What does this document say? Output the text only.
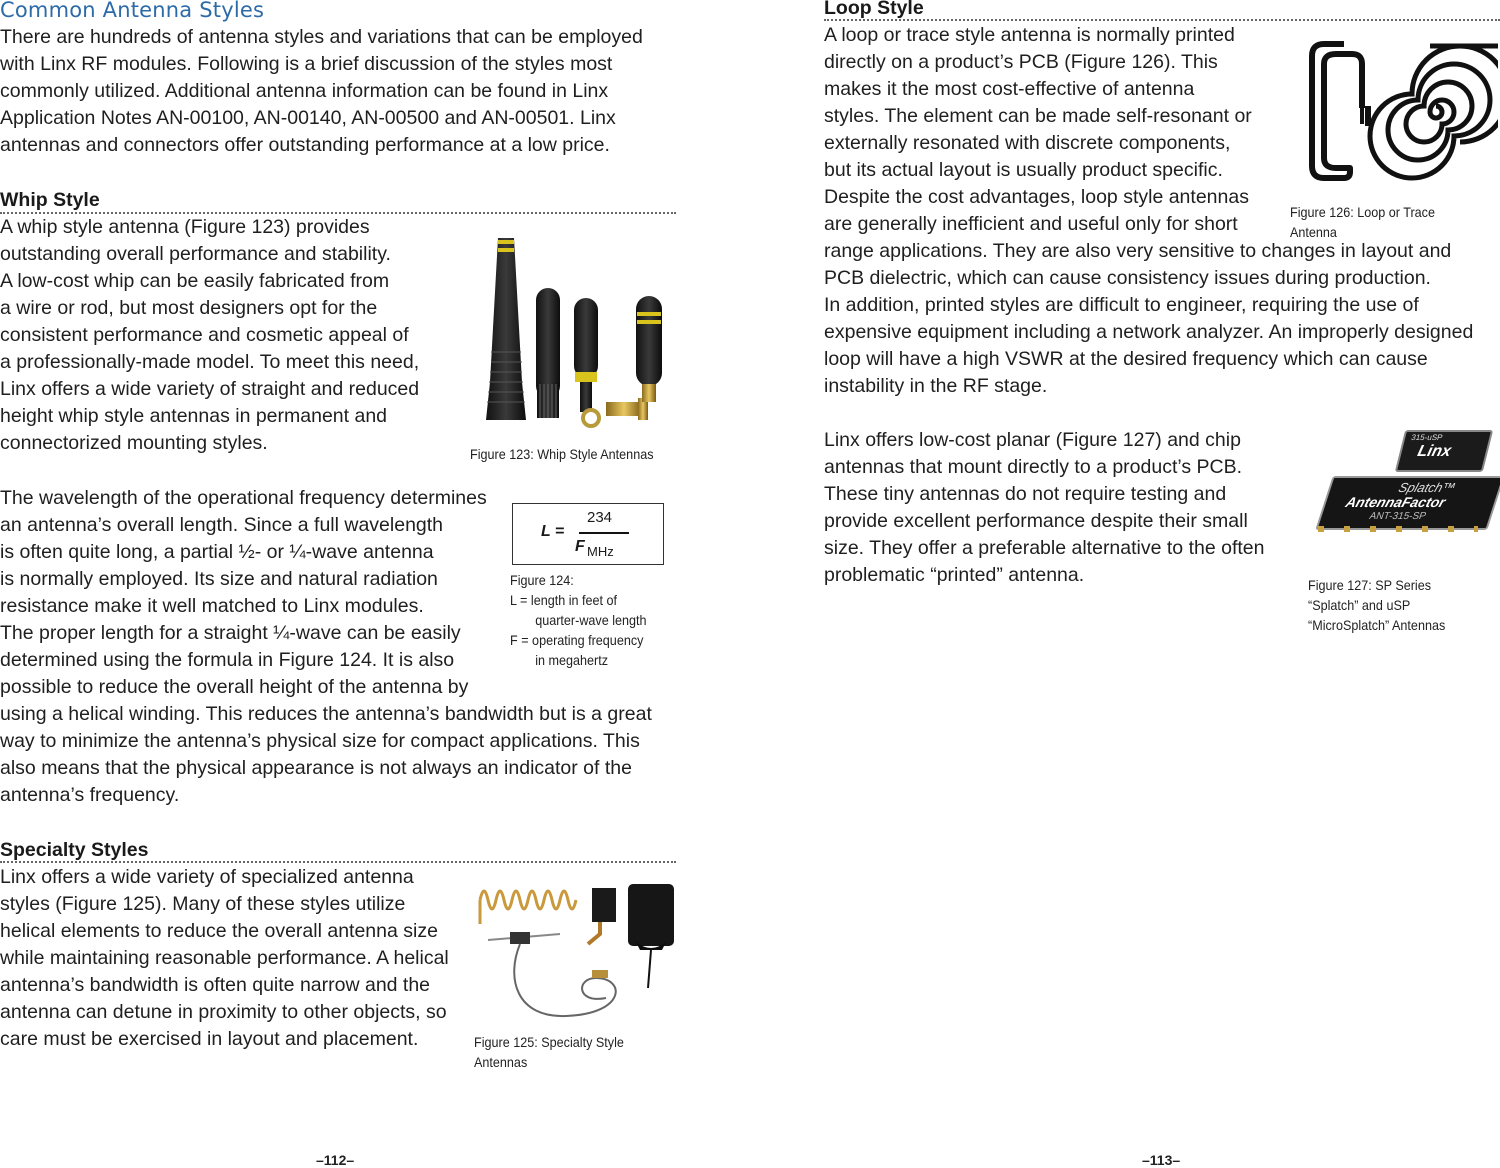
Common Antenna Styles

There are hundreds of antenna styles and variations that can be employed

with Linx RF modules. Following is a brief discussion of the styles most

commonly utilized. Additional antenna information can be found in Linx

Application Notes AN-00100, AN-00140, AN-00500 and AN-00501. Linx

antennas and connectors offer outstanding performance at a low price.

Whip Style

A whip style antenna (Figure 123) provides

outstanding overall performance and stability.

A low-cost whip can be easily fabricated from

a wire or rod, but most designers opt for the

consistent performance and cosmetic appeal of

a professionally-made model. To meet this need,

Linx offers a wide variety of straight and reduced

height whip style antennas in permanent and

connectorized mounting styles.	Figure 123: Whip Style Antennas

The wavelength of the operational frequency determines

an antenna’s overall length. Since a full wavelength

is often quite long, a partial ½- or ¼-wave antenna

is normally employed. Its size and natural radiation

resistance make it well matched to Linx modules.

The proper length for a straight ¼-wave can be easily

determined using the formula in Figure 124. It is also

possible to reduce the overall height of the antenna by

using a helical winding. This reduces the antenna’s bandwidth but is a great

way to minimize the antenna’s physical size for compact applications. This

also means that the physical appearance is not always an indicator of the

antenna’s frequency.

L =
234
F MHz
Figure 124:
L = length in feet of
quarter-wave length
F = operating frequency
in megahertz
Specialty Styles

Linx offers a wide variety of specialized antenna

styles (Figure 125). Many of these styles utilize

helical elements to reduce the overall antenna size

while maintaining reasonable performance. A helical

antenna’s bandwidth is often quite narrow and the

antenna can detune in proximity to other objects, so

care must be exercised in layout and placement.	Figure 125: Specialty Style
Antennas
–112–
Loop Style

A loop or trace style antenna is normally printed

directly on a product’s PCB (Figure 126). This

makes it the most cost-effective of antenna

styles. The element can be made self-resonant or

externally resonated with discrete components,

but its actual layout is usually product specific.

Despite the cost advantages, loop style antennas

are generally inefficient and useful only for short

range applications. They are also very sensitive to changes in layout and

PCB dielectric, which can cause consistency issues during production.

In addition, printed styles are difficult to engineer, requiring the use of

expensive equipment including a network analyzer. An improperly designed

loop will have a high VSWR at the desired frequency which can cause

instability in the RF stage.

Figure 126: Loop or Trace Antenna

Linx offers low-cost planar (Figure 127) and chip

antennas that mount directly to a product’s PCB.

These tiny antennas do not require testing and

provide excellent performance despite their small

size. They offer a preferable alternative to the often

problematic “printed” antenna.

315-uSP
Linx
Splatch™
AntennaFactor
ANT-315-SP
Figure 127: SP Series
“Splatch” and uSP
“MicroSplatch” Antennas
–113–
